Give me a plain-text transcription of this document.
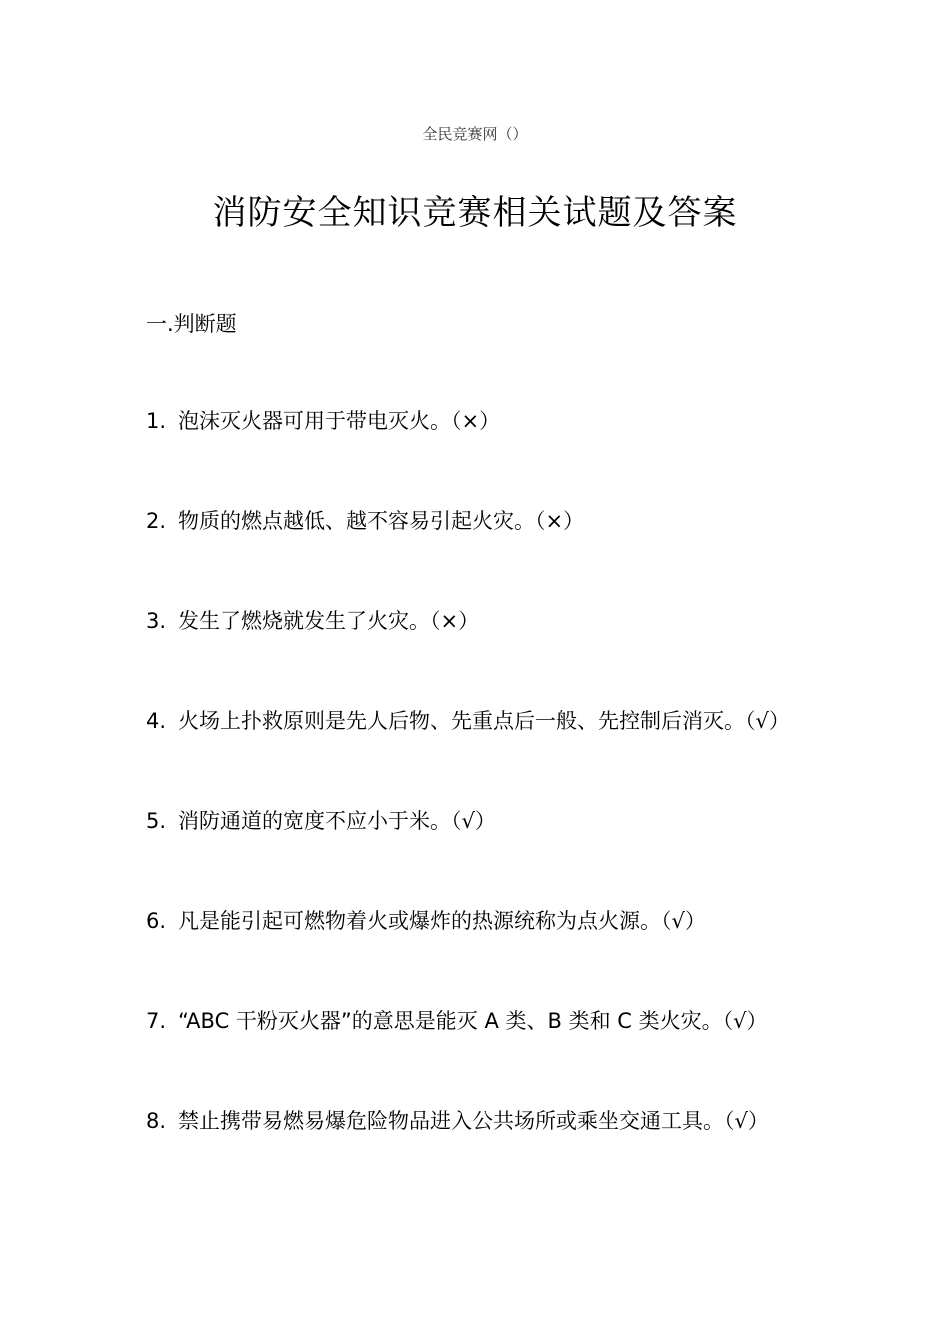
全民竞赛网（）
消防安全知识竞赛相关试题及答案
一.判断题
1. 泡沫灭火器可用于带电灭火。（×）
2. 物质的燃点越低、越不容易引起火灾。（×）
3. 发生了燃烧就发生了火灾。（×）
4. 火场上扑救原则是先人后物、先重点后一般、先控制后消灭。（√）
5. 消防通道的宽度不应小于米。（√）
6. 凡是能引起可燃物着火或爆炸的热源统称为点火源。（√）
7. “ABC 干粉灭火器”的意思是能灭 A 类、B 类和 C 类火灾。（√）
8. 禁止携带易燃易爆危险物品进入公共场所或乘坐交通工具。（√）
